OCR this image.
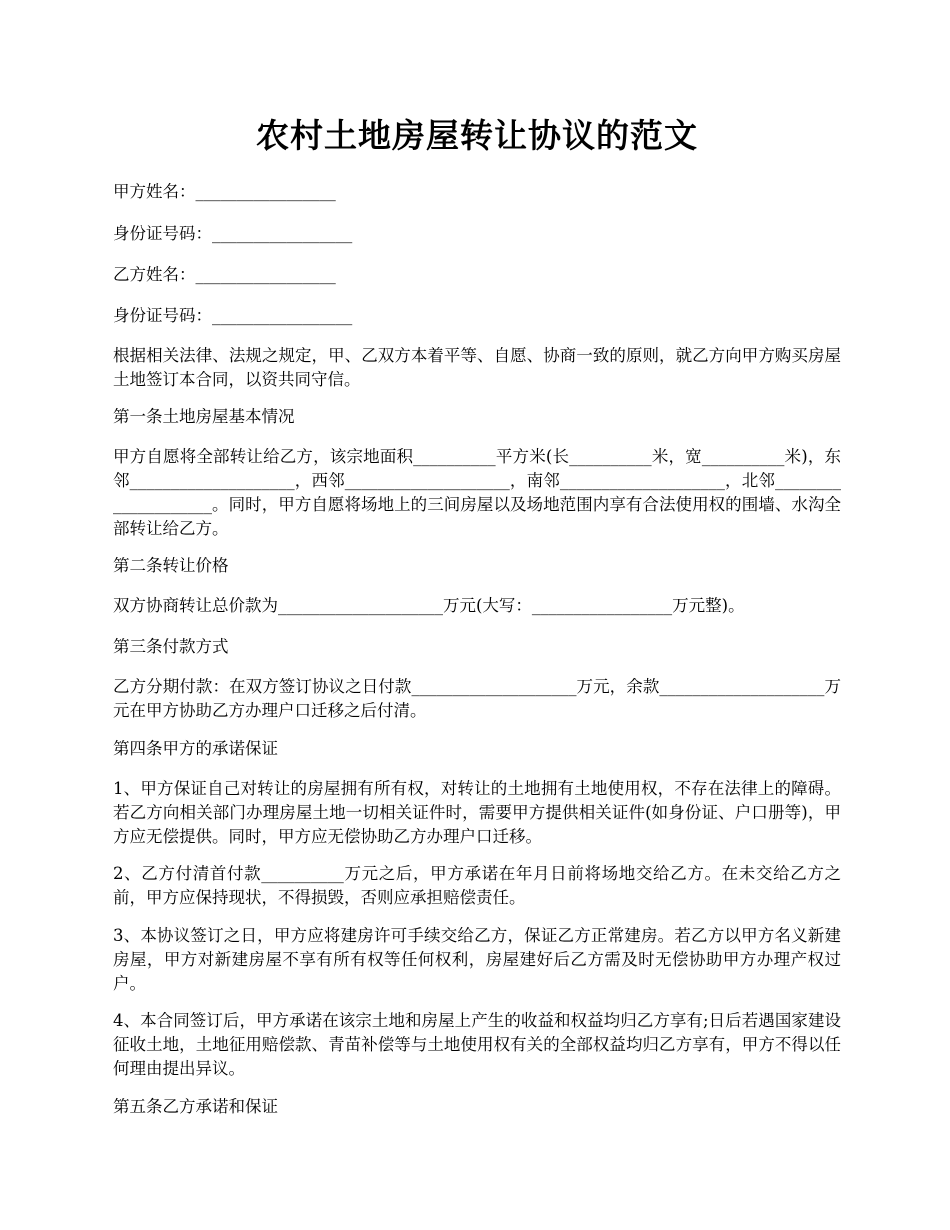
农村土地房屋转让协议的范文

甲方姓名：_________________

身份证号码：_________________

乙方姓名：_________________

身份证号码：_________________

根据相关法律、法规之规定，甲、乙双方本着平等、自愿、协商一致的原则，就乙方向甲方购买房屋土地签订本合同，以资共同守信。

第一条土地房屋基本情况

甲方自愿将全部转让给乙方，该宗地面积__________平方米(长__________米，宽__________米)，东邻____________________，西邻____________________，南邻____________________，北邻____________________。同时，甲方自愿将场地上的三间房屋以及场地范围内享有合法使用权的围墙、水沟全部转让给乙方。

第二条转让价格

双方协商转让总价款为____________________万元(大写：_________________万元整)。

第三条付款方式

乙方分期付款：在双方签订协议之日付款____________________万元，余款____________________万元在甲方协助乙方办理户口迁移之后付清。

第四条甲方的承诺保证

1、甲方保证自己对转让的房屋拥有所有权，对转让的土地拥有土地使用权，不存在法律上的障碍。若乙方向相关部门办理房屋土地一切相关证件时，需要甲方提供相关证件(如身份证、户口册等)，甲方应无偿提供。同时，甲方应无偿协助乙方办理户口迁移。

2、乙方付清首付款__________万元之后，甲方承诺在年月日前将场地交给乙方。在未交给乙方之前，甲方应保持现状，不得损毁，否则应承担赔偿责任。

3、本协议签订之日，甲方应将建房许可手续交给乙方，保证乙方正常建房。若乙方以甲方名义新建房屋，甲方对新建房屋不享有所有权等任何权利，房屋建好后乙方需及时无偿协助甲方办理产权过户。

4、本合同签订后，甲方承诺在该宗土地和房屋上产生的收益和权益均归乙方享有;日后若遇国家建设征收土地，土地征用赔偿款、青苗补偿等与土地使用权有关的全部权益均归乙方享有，甲方不得以任何理由提出异议。

第五条乙方承诺和保证
